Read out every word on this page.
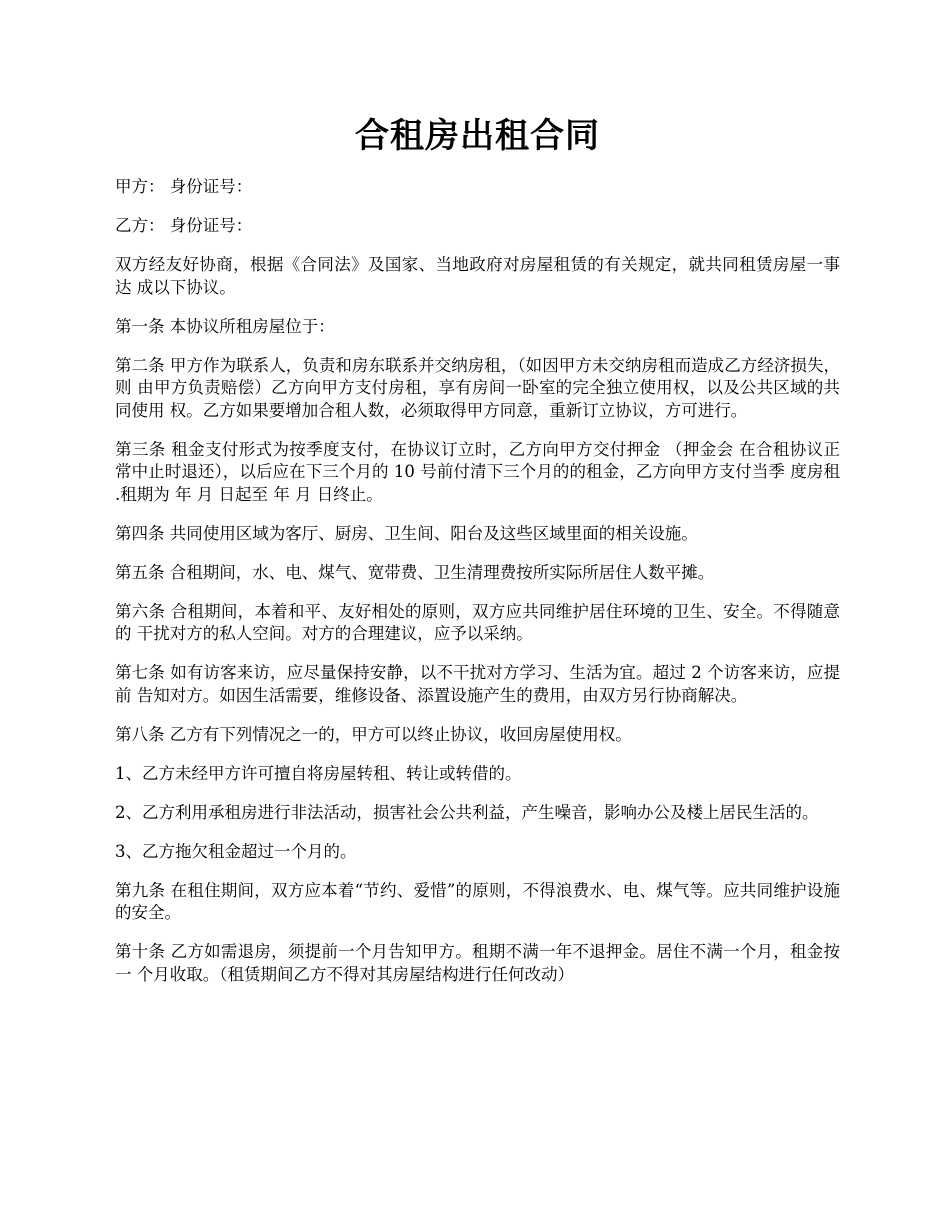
合租房出租合同

甲方： 身份证号：

乙方： 身份证号：

双方经友好协商，根据《合同法》及国家、当地政府对房屋租赁的有关规定，就共同租赁房屋一事达 成以下协议。

第一条 本协议所租房屋位于：

第二条 甲方作为联系人，负责和房东联系并交纳房租，（如因甲方未交纳房租而造成乙方经济损失，则 由甲方负责赔偿）乙方向甲方支付房租，享有房间一卧室的完全独立使用权，以及公共区域的共同使用 权。乙方如果要增加合租人数，必须取得甲方同意，重新订立协议，方可进行。

第三条 租金支付形式为按季度支付，在协议订立时，乙方向甲方交付押金 （押金会 在合租协议正常中止时退还），以后应在下三个月的 10 号前付清下三个月的的租金，乙方向甲方支付当季 度房租 .租期为 年 月 日起至 年 月 日终止。

第四条 共同使用区域为客厅、厨房、卫生间、阳台及这些区域里面的相关设施。

第五条 合租期间，水、电、煤气、宽带费、卫生清理费按所实际所居住人数平摊。

第六条 合租期间，本着和平、友好相处的原则，双方应共同维护居住环境的卫生、安全。不得随意的 干扰对方的私人空间。对方的合理建议，应予以采纳。

第七条 如有访客来访，应尽量保持安静，以不干扰对方学习、生活为宜。超过 2 个访客来访，应提前 告知对方。如因生活需要，维修设备、添置设施产生的费用，由双方另行协商解决。

第八条 乙方有下列情况之一的，甲方可以终止协议，收回房屋使用权。

1、乙方未经甲方许可擅自将房屋转租、转让或转借的。

2、乙方利用承租房进行非法活动，损害社会公共利益，产生噪音，影响办公及楼上居民生活的。

3、乙方拖欠租金超过一个月的。

第九条 在租住期间，双方应本着“节约、爱惜”的原则，不得浪费水、电、煤气等。应共同维护设施 的安全。

第十条 乙方如需退房，须提前一个月告知甲方。租期不满一年不退押金。居住不满一个月，租金按一 个月收取。（租赁期间乙方不得对其房屋结构进行任何改动）
